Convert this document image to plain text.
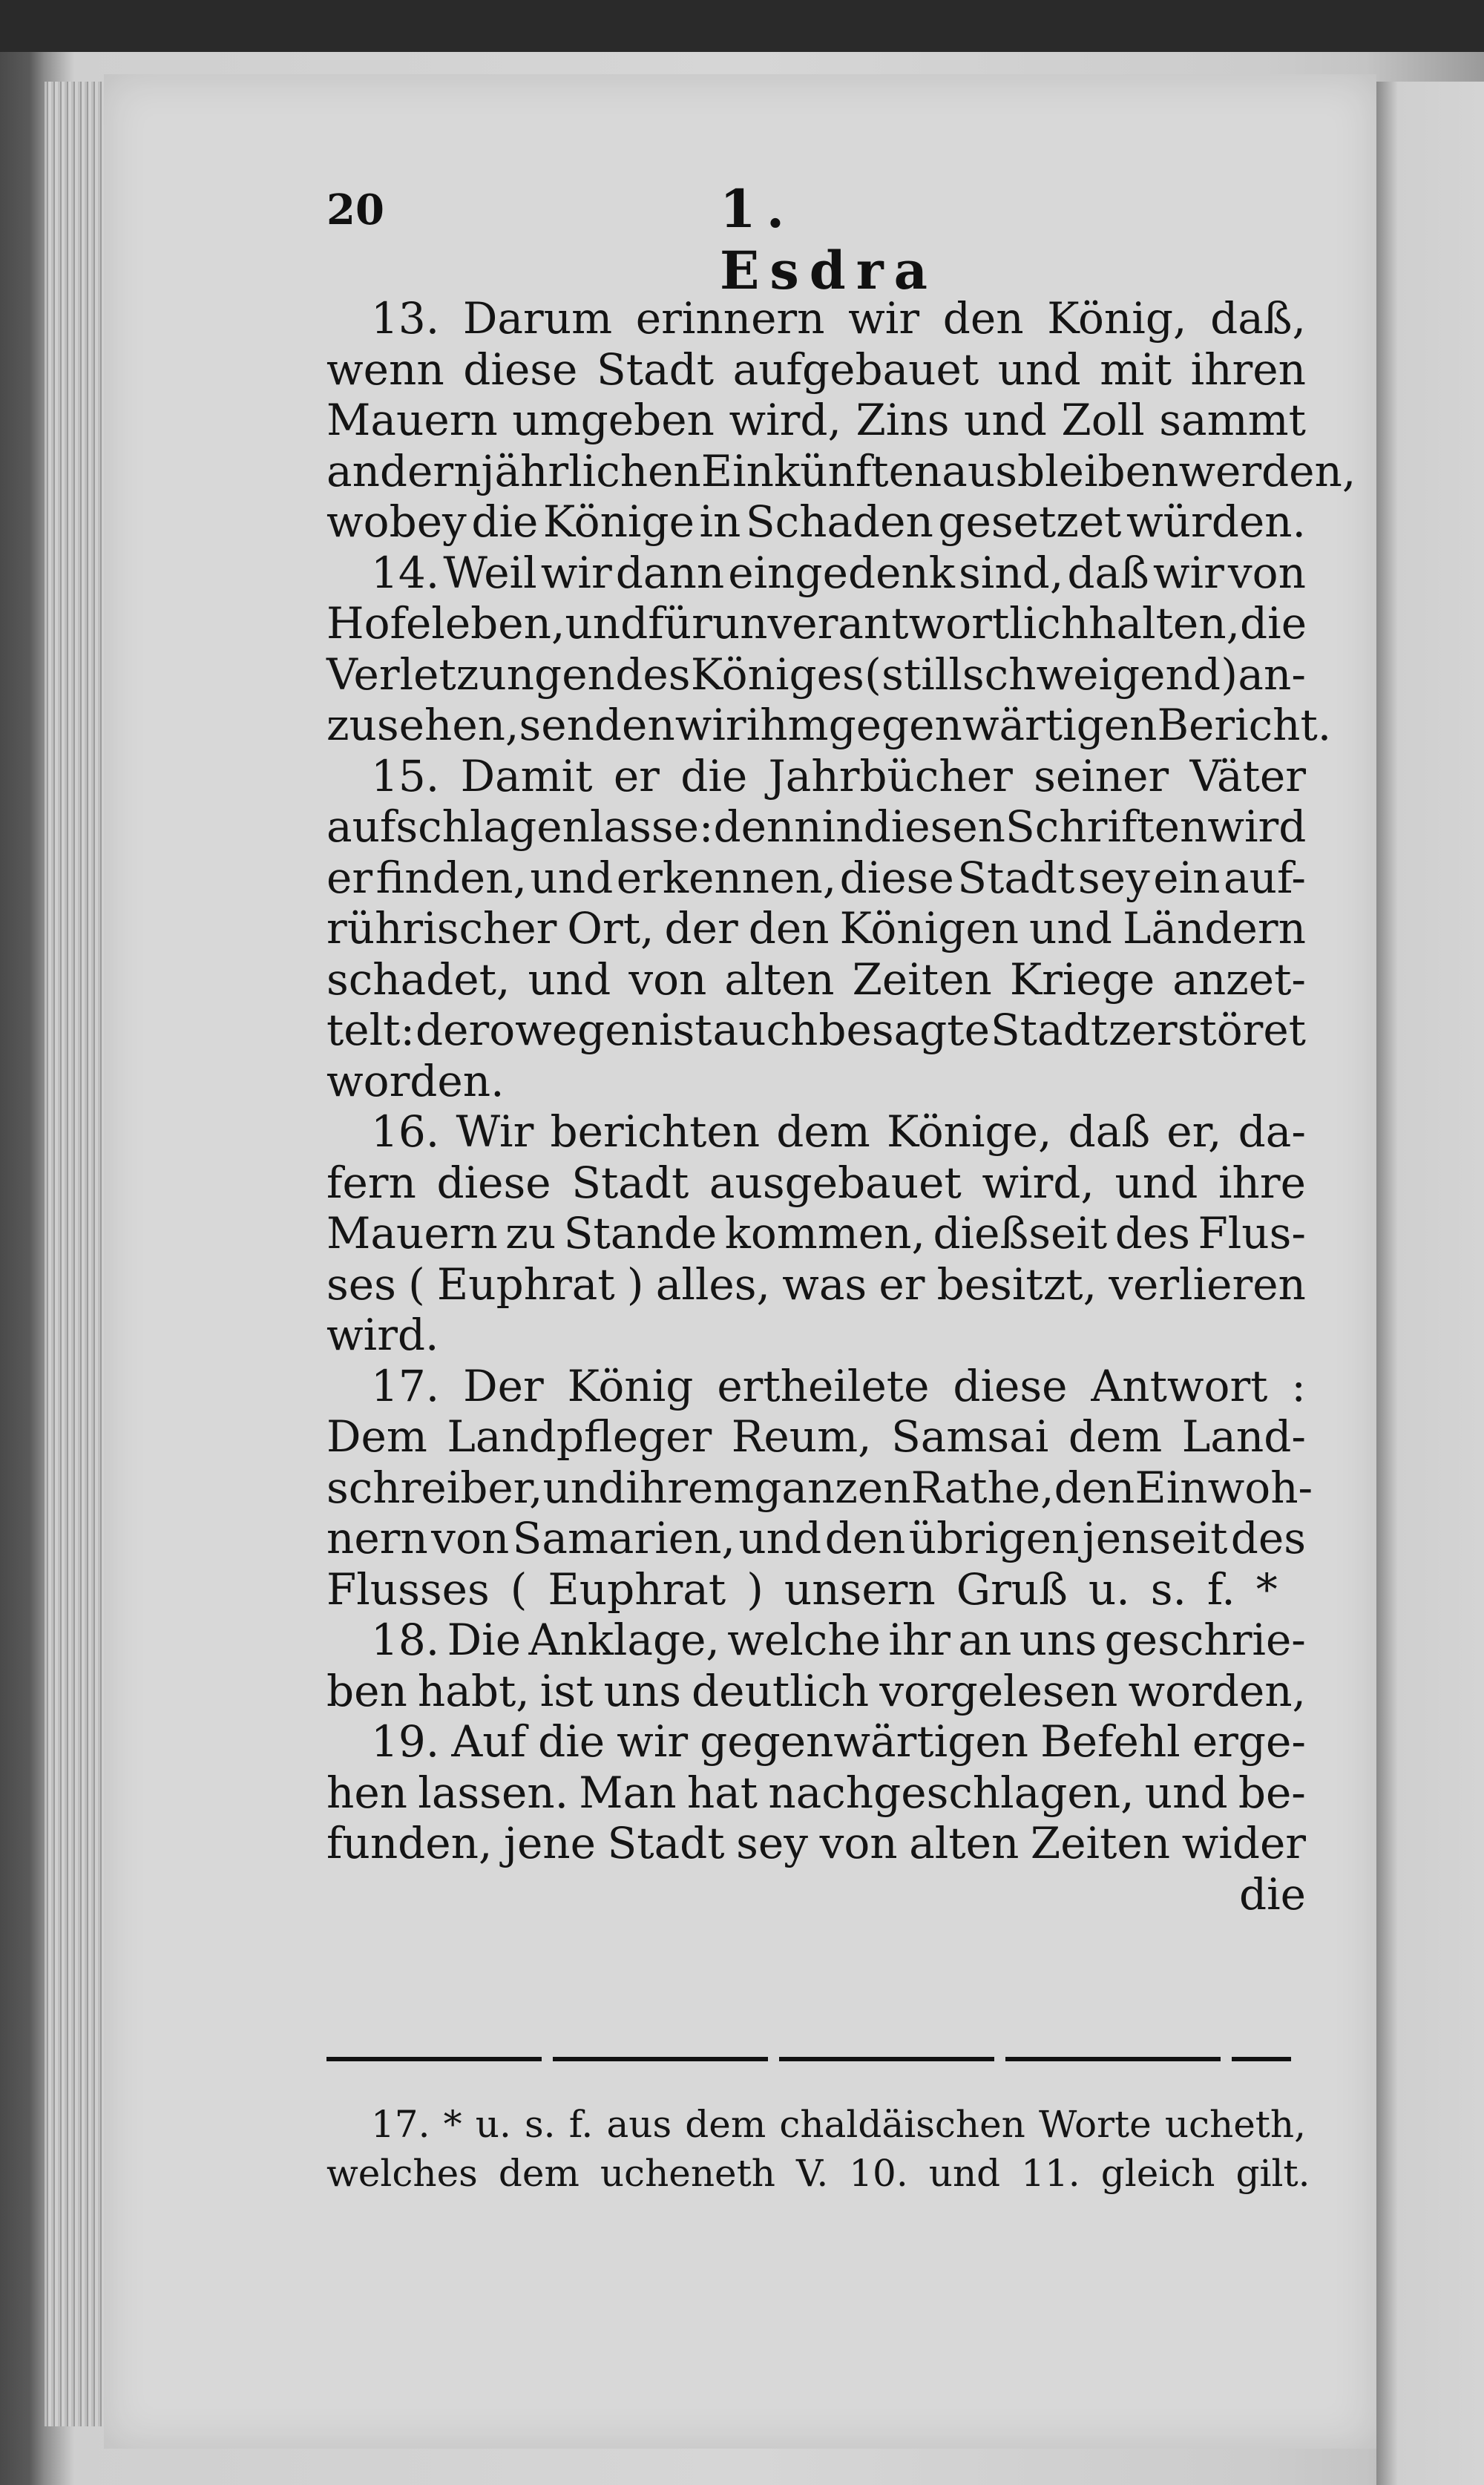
20	1. Esdra
13. Darum erinnern wir den König, daß,
wenn diese Stadt aufgebauet und mit ihren
Mauern umgeben wird, Zins und Zoll sammt
andern jährlichen Einkünften ausbleiben werden,
wobey die Könige in Schaden gesetzet würden.
14. Weil wir dann eingedenk sind, daß wir von
Hofe leben, und für unverantwortlich halten, die
Verletzungen des Königes ( stillschweigend ) an-
zusehen, senden wir ihm gegenwärtigen Bericht.
15. Damit er die Jahrbücher seiner Väter
aufschlagen lasse: denn in diesen Schriften wird
er finden, und erkennen, diese Stadt sey ein auf-
rührischer Ort, der den Königen und Ländern
schadet, und von alten Zeiten Kriege anzet-
telt: derowegen ist auch besagte Stadt zerstöret
worden.
16. Wir berichten dem Könige, daß er, da-
fern diese Stadt ausgebauet wird, und ihre
Mauern zu Stande kommen, dießseit des Flus-
ses ( Euphrat ) alles, was er besitzt, verlieren
wird.
17. Der König ertheilete diese Antwort :
Dem Landpfleger Reum, Samsai dem Land-
schreiber, und ihrem ganzen Rathe, den Einwoh-
nern von Samarien, und den übrigen jenseit des
Flusses ( Euphrat ) unsern Gruß u. s. f. *
18. Die Anklage, welche ihr an uns geschrie-
ben habt, ist uns deutlich vorgelesen worden,
19. Auf die wir gegenwärtigen Befehl erge-
hen lassen. Man hat nachgeschlagen, und be-
funden, jene Stadt sey von alten Zeiten wider
die
17. * u. s. f. aus dem chaldäischen Worte ucheth,
welches dem ucheneth V. 10. und 11. gleich gilt.
